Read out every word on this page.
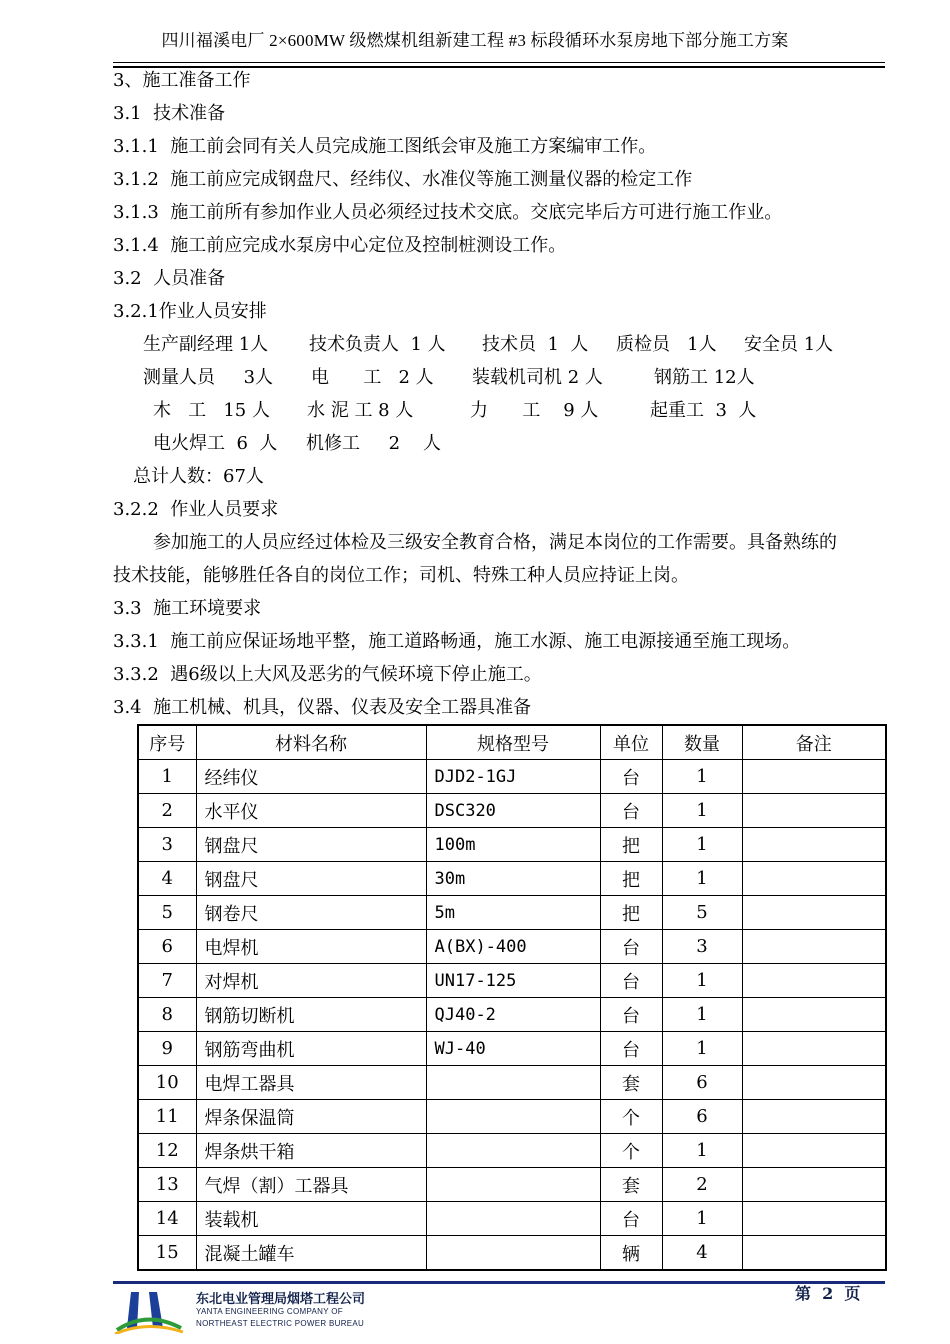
四川福溪电厂 2×600MW 级燃煤机组新建工程 #3 标段循环水泵房地下部分施工方案
3、施工准备工作
3.1  技术准备
3.1.1  施工前会同有关人员完成施工图纸会审及施工方案编审工作。
3.1.2  施工前应完成钢盘尺、经纬仪、水准仪等施工测量仪器的检定工作
3.1.3  施工前所有参加作业人员必须经过技术交底。交底完毕后方可进行施工作业。
3.1.4  施工前应完成水泵房中心定位及控制桩测设工作。
3.2  人员准备
3.2.1作业人员安排
生产副经理 1人 技术负责人  1 人 技术员  1  人 质检员   1人 安全员 1人
测量人员     3人 电      工   2 人 装载机司机 2 人	钢筋工 12人
木   工   15 人 水 泥 工 8 人	力      工    9 人	起重工  3  人
电火焊工  6  人 机修工     2    人
总计人数：67人
3.2.2  作业人员要求
参加施工的人员应经过体检及三级安全教育合格，满足本岗位的工作需要。具备熟练的
技术技能，能够胜任各自的岗位工作；司机、特殊工种人员应持证上岗。
3.3  施工环境要求
3.3.1  施工前应保证场地平整，施工道路畅通，施工水源、施工电源接通至施工现场。
3.3.2  遇6级以上大风及恶劣的气候环境下停止施工。
3.4  施工机械、机具，仪器、仪表及安全工器具准备
序号	材料名称	规格型号	单位	数量	备注
1	经纬仪	DJD2-1GJ	台	1	
2	水平仪	DSC320	台	1	
3	钢盘尺	100m	把	1	
4	钢盘尺	30m	把	1	
5	钢卷尺	5m	把	5	
6	电焊机	A(BX)-400	台	3	
7	对焊机	UN17-125	台	1	
8	钢筋切断机	QJ40-2	台	1	
9	钢筋弯曲机	WJ-40	台	1	
10	电焊工器具		套	6	
11	焊条保温筒		个	6	
12	焊条烘干箱		个	1	
13	气焊（割）工器具		套	2	
14	装载机		台	1	
15	混凝土罐车		辆	4	
东北电业管理局烟塔工程公司
YANTA ENGINEERING COMPANY OF
NORTHEAST ELECTRIC POWER BUREAU
第  2  页
